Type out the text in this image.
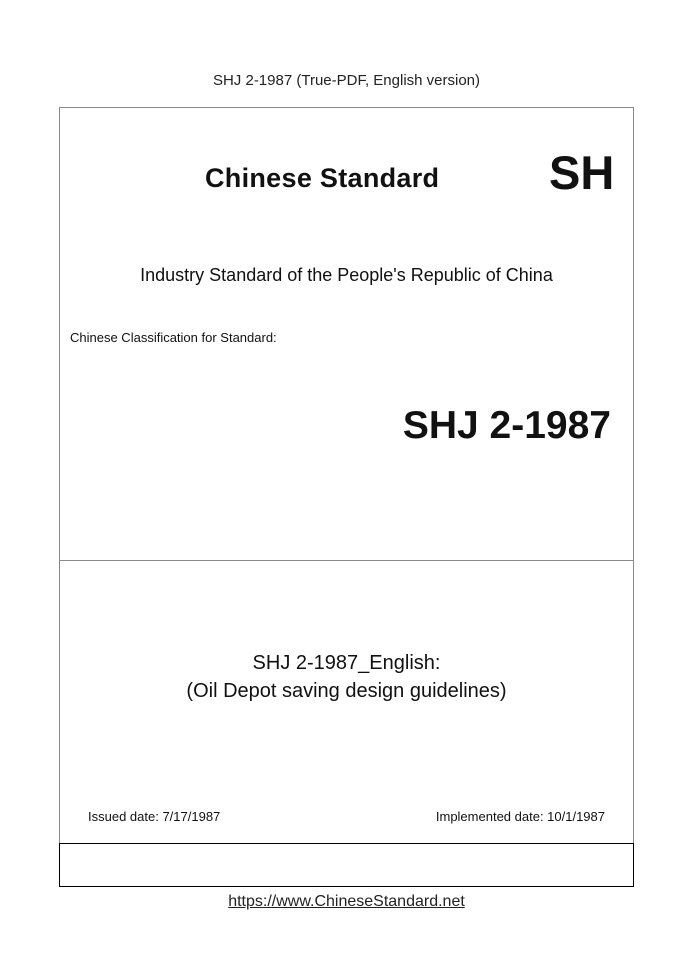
SHJ 2-1987 (True-PDF, English version)
Chinese Standard SH
Industry Standard of the People's Republic of China
Chinese Classification for Standard:
SHJ 2-1987
SHJ 2-1987_English:
(Oil Depot saving design guidelines)
Issued date: 7/17/1987	Implemented date: 10/1/1987
https://www.ChineseStandard.net
